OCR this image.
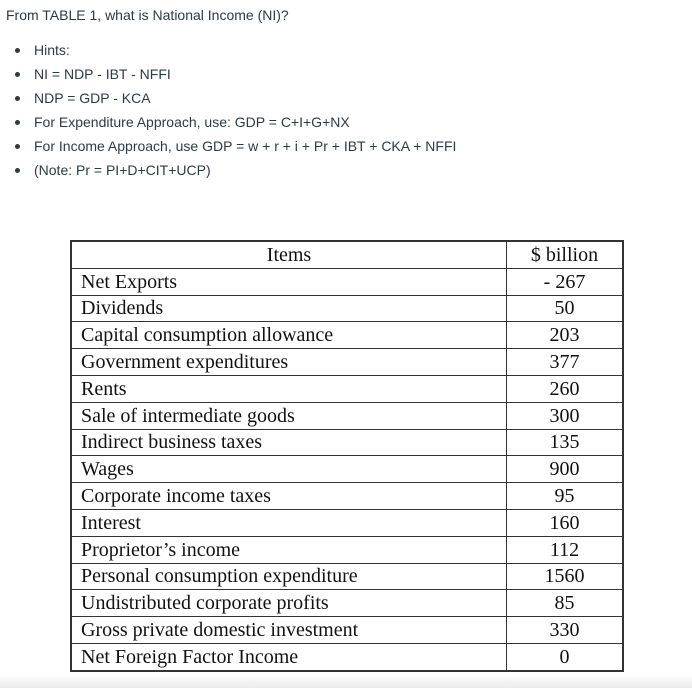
From TABLE 1, what is National Income (NI)?

Hints:
NI = NDP - IBT - NFFI
NDP = GDP - KCA
For Expenditure Approach, use: GDP = C+I+G+NX
For Income Approach, use GDP = w + r + i + Pr + IBT + CKA + NFFI
(Note: Pr = PI+D+CIT+UCP)
Items	$ billion
Net Exports	- 267
Dividends	50
Capital consumption allowance	203
Government expenditures	377
Rents	260
Sale of intermediate goods	300
Indirect business taxes	135
Wages	900
Corporate income taxes	95
Interest	160
Proprietor’s income	112
Personal consumption expenditure	1560
Undistributed corporate profits	85
Gross private domestic investment	330
Net Foreign Factor Income	0
